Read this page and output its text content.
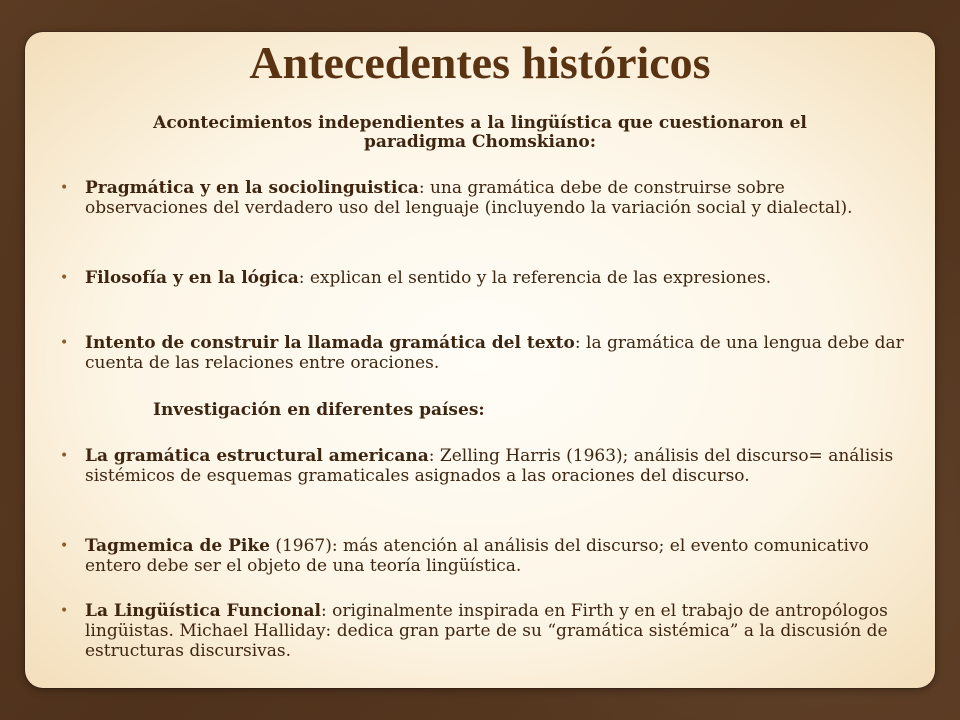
Antecedentes históricos
Acontecimientos independientes a la lingüística que cuestionaron el paradigma Chomskiano:
• Pragmática y en la sociolinguistica: una gramática debe de construirse sobre observaciones del verdadero uso del lenguaje (incluyendo la variación social y dialectal).
• Filosofía y en la lógica: explican el sentido y la referencia de las expresiones.
• Intento de construir la llamada gramática del texto: la gramática de una lengua debe dar cuenta de las relaciones entre oraciones.
Investigación en diferentes países:
• La gramática estructural americana: Zelling Harris (1963); análisis del discurso= análisis sistémicos de esquemas gramaticales asignados a las oraciones del discurso.
• Tagmemica de Pike (1967): más atención al análisis del discurso; el evento comunicativo entero debe ser el objeto de una teoría lingüística.
• La Lingüística Funcional: originalmente inspirada en Firth y en el trabajo de antropólogos lingüistas. Michael Halliday: dedica gran parte de su “gramática sistémica” a la discusión de estructuras discursivas.
